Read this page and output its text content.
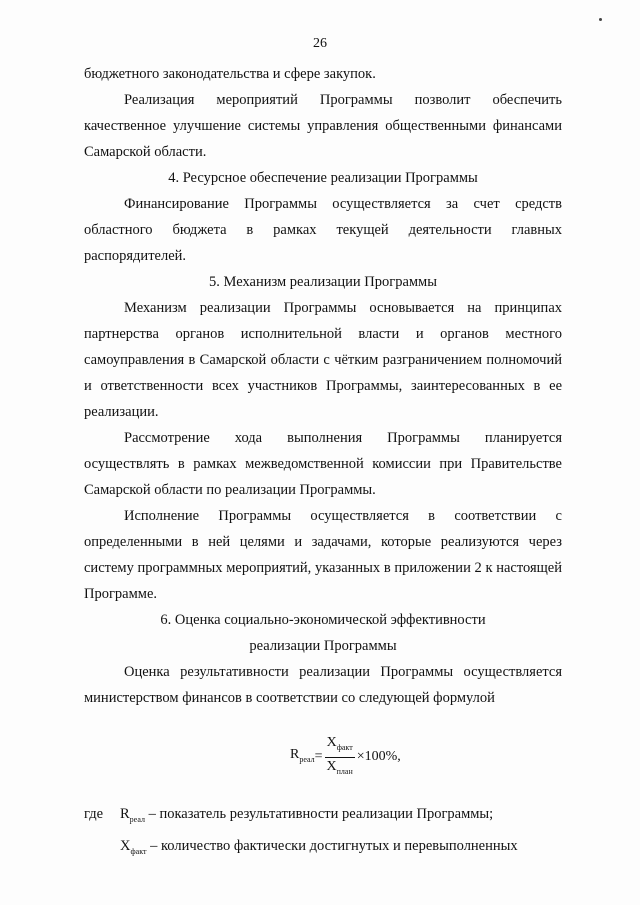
26

бюджетного законодательства и сфере закупок.

Реализация мероприятий Программы позволит обеспечить качественное улучшение системы управления общественными финансами Самарской области.

4. Ресурсное обеспечение реализации Программы

Финансирование Программы осуществляется за счет средств областного бюджета в рамках текущей деятельности главных распорядителей.

5. Механизм реализации Программы

Механизм реализации Программы основывается на принципах партнерства органов исполнительной власти и органов местного самоуправления в Самарской области с чётким разграничением полномочий и ответственности всех участников Программы, заинтересованных в ее реализации.

Рассмотрение хода выполнения Программы планируется осуществлять в рамках межведомственной комиссии при Правительстве Самарской области по реализации Программы.

Исполнение Программы осуществляется в соответствии с определенными в ней целями и задачами, которые реализуются через систему программных мероприятий, указанных в приложении 2 к настоящей Программе.

6. Оценка социально-экономической эффективности

реализации Программы

Оценка результативности реализации Программы осуществляется министерством финансов в соответствии со следующей формулой

$R_{реал} = \frac{X_{факт}}{X_{план}} \times 100\%$,
где	$R_{реал}$ – показатель результативности реализации Программы;
$X_{факт}$ – количество фактически достигнутых и перевыполненных
